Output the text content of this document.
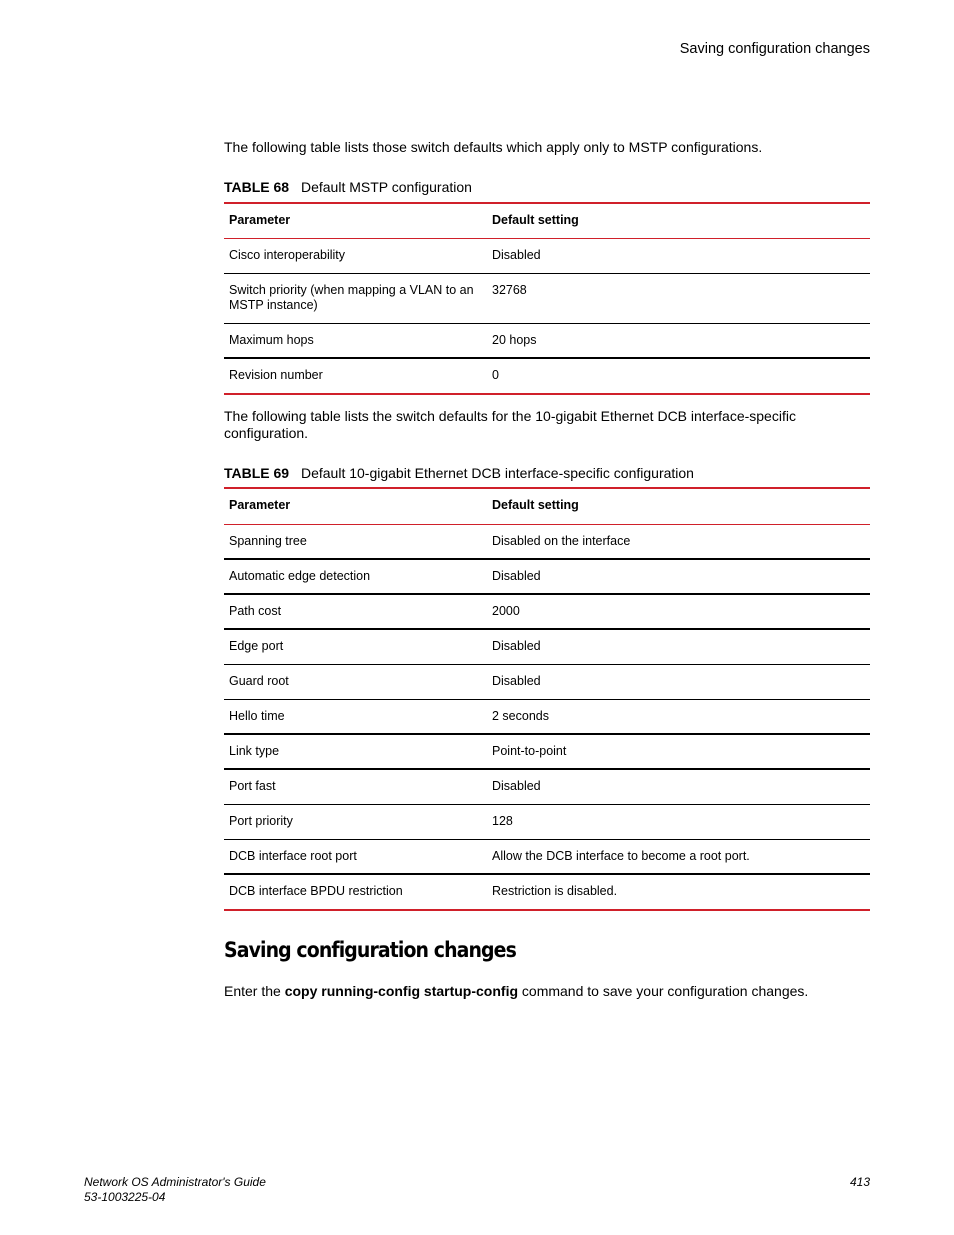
Saving configuration changes

The following table lists those switch defaults which apply only to MSTP configurations.

TABLE 68 Default MSTP configuration
Parameter	Default setting
Cisco interoperability	Disabled
Switch priority (when mapping a VLAN to an MSTP instance)	32768
Maximum hops	20 hops
Revision number	0

The following table lists the switch defaults for the 10-gigabit Ethernet DCB interface-specific configuration.

TABLE 69 Default 10-gigabit Ethernet DCB interface-specific configuration
Parameter	Default setting
Spanning tree	Disabled on the interface
Automatic edge detection	Disabled
Path cost	2000
Edge port	Disabled
Guard root	Disabled
Hello time	2 seconds
Link type	Point-to-point
Port fast	Disabled
Port priority	128
DCB interface root port	Allow the DCB interface to become a root port.
DCB interface BPDU restriction	Restriction is disabled.
Saving configuration changes
Enter the copy running-config startup-config command to save your configuration changes.
Network OS Administrator's Guide
53-1003225-04
413
